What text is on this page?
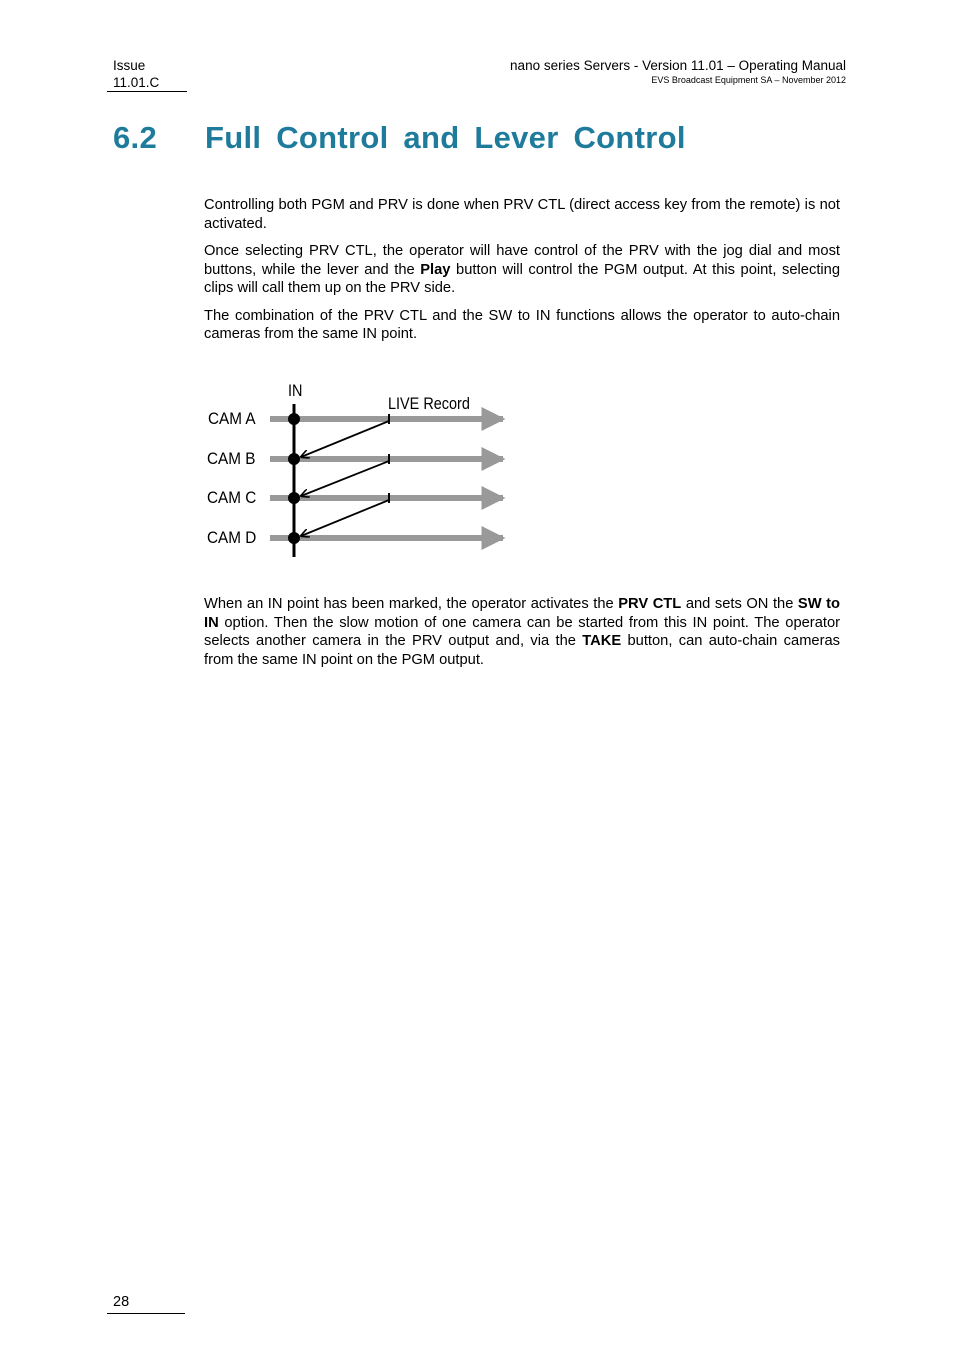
Issue
11.01.C
nano series Servers - Version 11.01 – Operating Manual
EVS Broadcast Equipment SA – November 2012
6.2 Full Control and Lever Control

Controlling both PGM and PRV is done when PRV CTL (direct access key from the remote) is not activated.

Once selecting PRV CTL, the operator will have control of the PRV with the jog dial and most buttons, while the lever and the Play button will control the PGM output. At this point, selecting clips will call them up on the PRV side.

The combination of the PRV CTL and the SW to IN functions allows the operator to auto-chain cameras from the same IN point.

IN
LIVE Record
CAM A
CAM B
CAM C
CAM D

When an IN point has been marked, the operator activates the PRV CTL and sets ON the SW to IN option. Then the slow motion of one camera can be started from this IN point. The operator selects another camera in the PRV output and, via the TAKE button, can auto-chain cameras from the same IN point on the PGM output.

28
